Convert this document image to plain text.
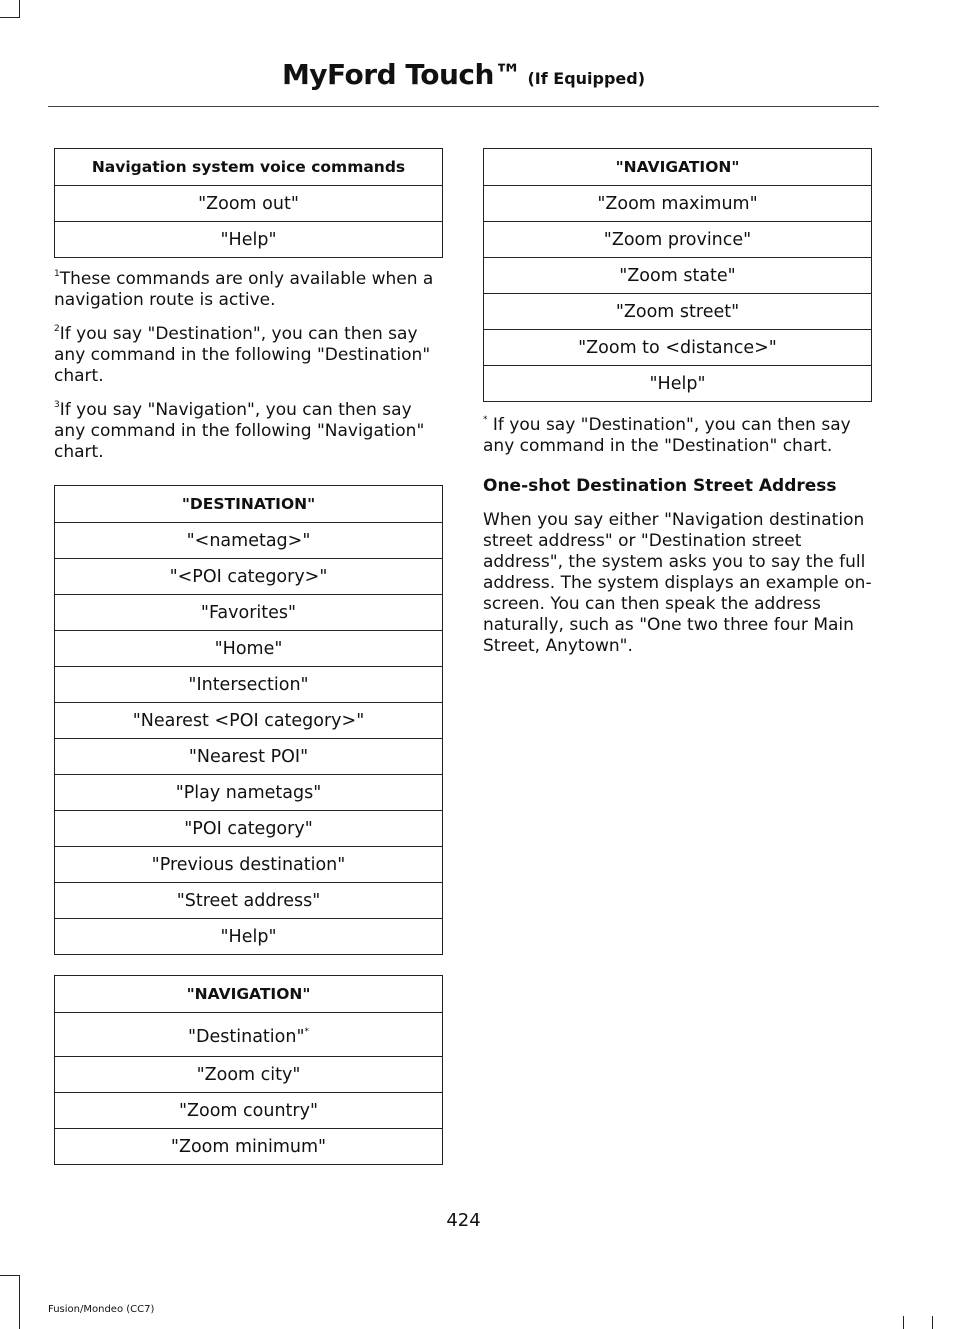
MyFord Touch™ (If Equipped)
Navigation system voice commands
"Zoom out"
"Help"

$^1$These commands are only available when a navigation route is active.

$^2$If you say "Destination", you can then say any command in the following "Destination" chart.

$^3$If you say "Navigation", you can then say any command in the following "Navigation" chart.

"DESTINATION"
"<nametag>"
"<POI category>"
"Favorites"
"Home"
"Intersection"
"Nearest <POI category>"
"Nearest POI"
"Play nametags"
"POI category"
"Previous destination"
"Street address"
"Help"
"NAVIGATION"
"Destination"*
"Zoom city"
"Zoom country"
"Zoom minimum"
"NAVIGATION"
"Zoom maximum"
"Zoom province"
"Zoom state"
"Zoom street"
"Zoom to <distance>"
"Help"

* If you say "Destination", you can then say any command in the "Destination" chart.

One-shot Destination Street Address

When you say either "Navigation destination street address" or "Destination street address", the system asks you to say the full address. The system displays an example on-screen. You can then speak the address naturally, such as "One two three four Main Street, Anytown".

424
Fusion/Mondeo (CC7)
